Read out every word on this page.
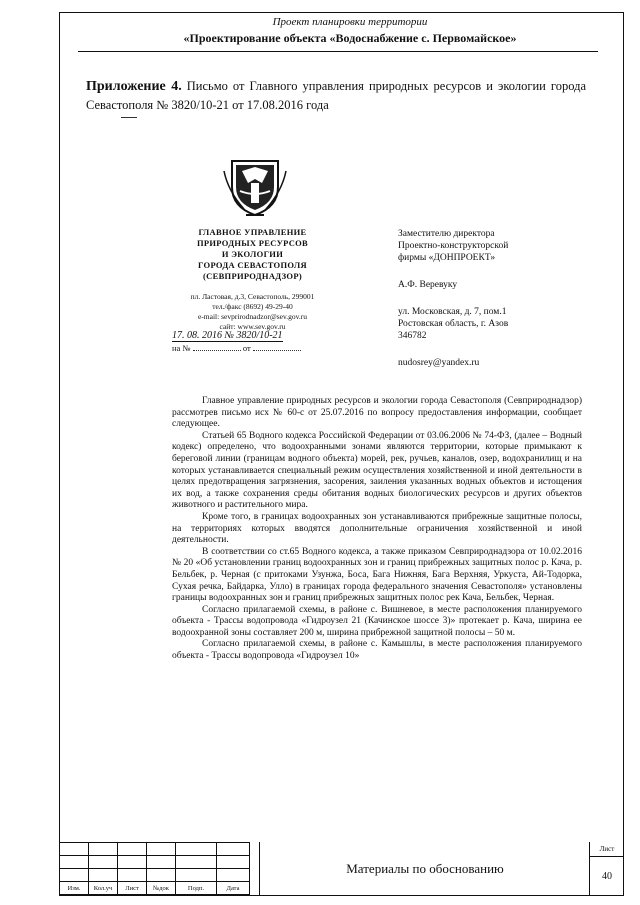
Проект планировки территории
«Проектирование объекта «Водоснабжение с. Первомайское»
Приложение 4. Письмо от Главного управления природных ресурсов и экологии города Севастополя № 3820/10-21 от 17.08.2016 года
ГЛАВНОЕ УПРАВЛЕНИЕ
ПРИРОДНЫХ РЕСУРСОВ
И ЭКОЛОГИИ
ГОРОДА СЕВАСТОПОЛЯ
(СЕВПРИРОДНАДЗОР)
пл. Ластовая, д.3, Севастополь, 299001
тел./факс (8692) 49-29-40
e-mail: sevprirodnadzor@sev.gov.ru
сайт: www.sev.gov.ru
17. 08. 2016 № 3820/10-21
на №	от
Заместителю директора
Проектно-конструкторской
фирмы «ДОНПРОЕКТ»
А.Ф. Веревуку
ул. Московская, д. 7, пом.1
Ростовская область, г. Азов
346782
nudosrey@yandex.ru

Главное управление природных ресурсов и экологии города Севастополя (Севприроднадзор) рассмотрев письмо исх № 60-с от 25.07.2016 по вопросу предоставления информации, сообщает следующее.

Статьей 65 Водного кодекса Российской Федерации от 03.06.2006 № 74-ФЗ, (далее – Водный кодекс) определено, что водоохранными зонами являются территории, которые примыкают к береговой линии (границам водного объекта) морей, рек, ручьев, каналов, озер, водохранилищ и на которых устанавливается специальный режим осуществления хозяйственной и иной деятельности в целях предотвращения загрязнения, засорения, заиления указанных водных объектов и истощения их вод, а также сохранения среды обитания водных биологических ресурсов и других объектов животного и растительного мира.

Кроме того, в границах водоохранных зон устанавливаются прибрежные защитные полосы, на территориях которых вводятся дополнительные ограничения хозяйственной и иной деятельности.

В соответствии со ст.65 Водного кодекса, а также приказом Севприроднадзора от 10.02.2016 № 20 «Об установлении границ водоохранных зон и границ прибрежных защитных полос р. Кача, р. Бельбек, р. Черная (с притоками Узунжа, Боса, Бага Нижняя, Бага Верхняя, Уркуста, Ай-Тодорка, Сухая речка, Байдарка, Улло) в границах города федерального значения Севастополя» установлены границы водоохранных зон и границ прибрежных защитных полос рек Кача, Бельбек, Черная.

Согласно прилагаемой схемы, в районе с. Вишневое, в месте расположения планируемого объекта - Трассы водопровода «Гидроузел 21 (Качинское шоссе 3)» протекает р. Кача, ширина ее водоохранной зоны составляет 200 м, ширина прибрежной защитной полосы – 50 м.

Согласно прилагаемой схемы, в районе с. Камышлы, в месте расположения планируемого объекта - Трассы водопровода «Гидроузел 10»

Изм.	Кол.уч	Лист	№док	Подп.	Дата
Материалы по обоснованию
Лист
40
